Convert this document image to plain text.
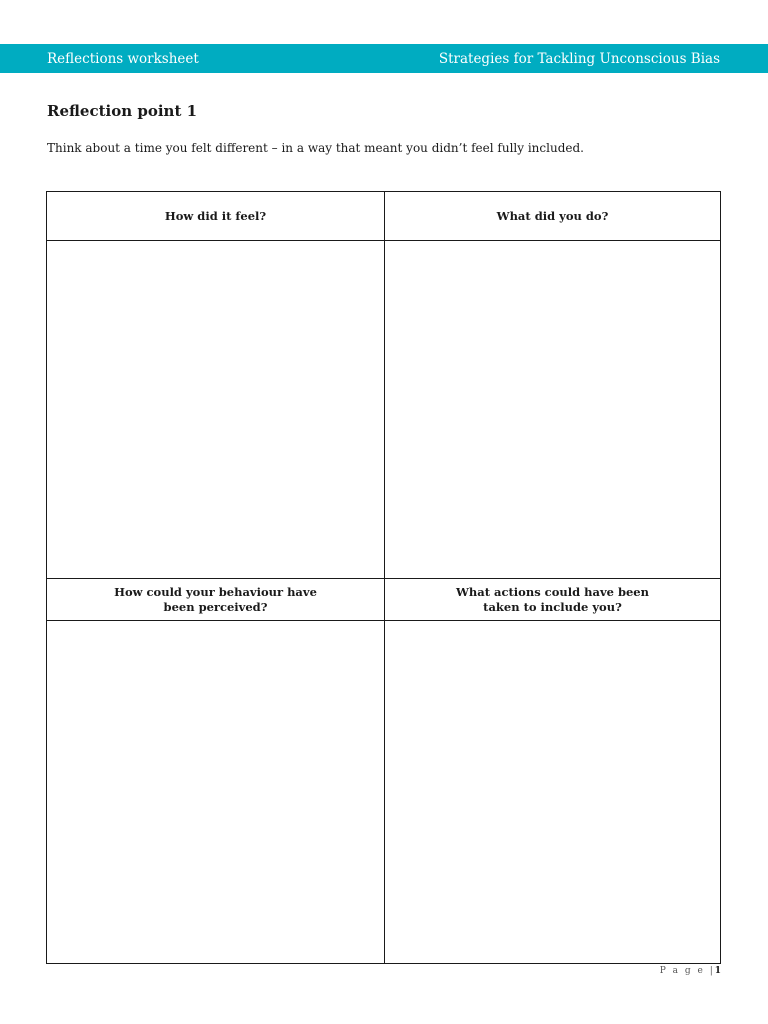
Reflections worksheet	Strategies for Tackling Unconscious Bias
Reflection point 1
Think about a time you felt different – in a way that meant you didn’t feel fully included.
How did it feel?	What did you do?
How could your behaviour have been perceived?
What actions could have been taken to include you?
P a g e |1
